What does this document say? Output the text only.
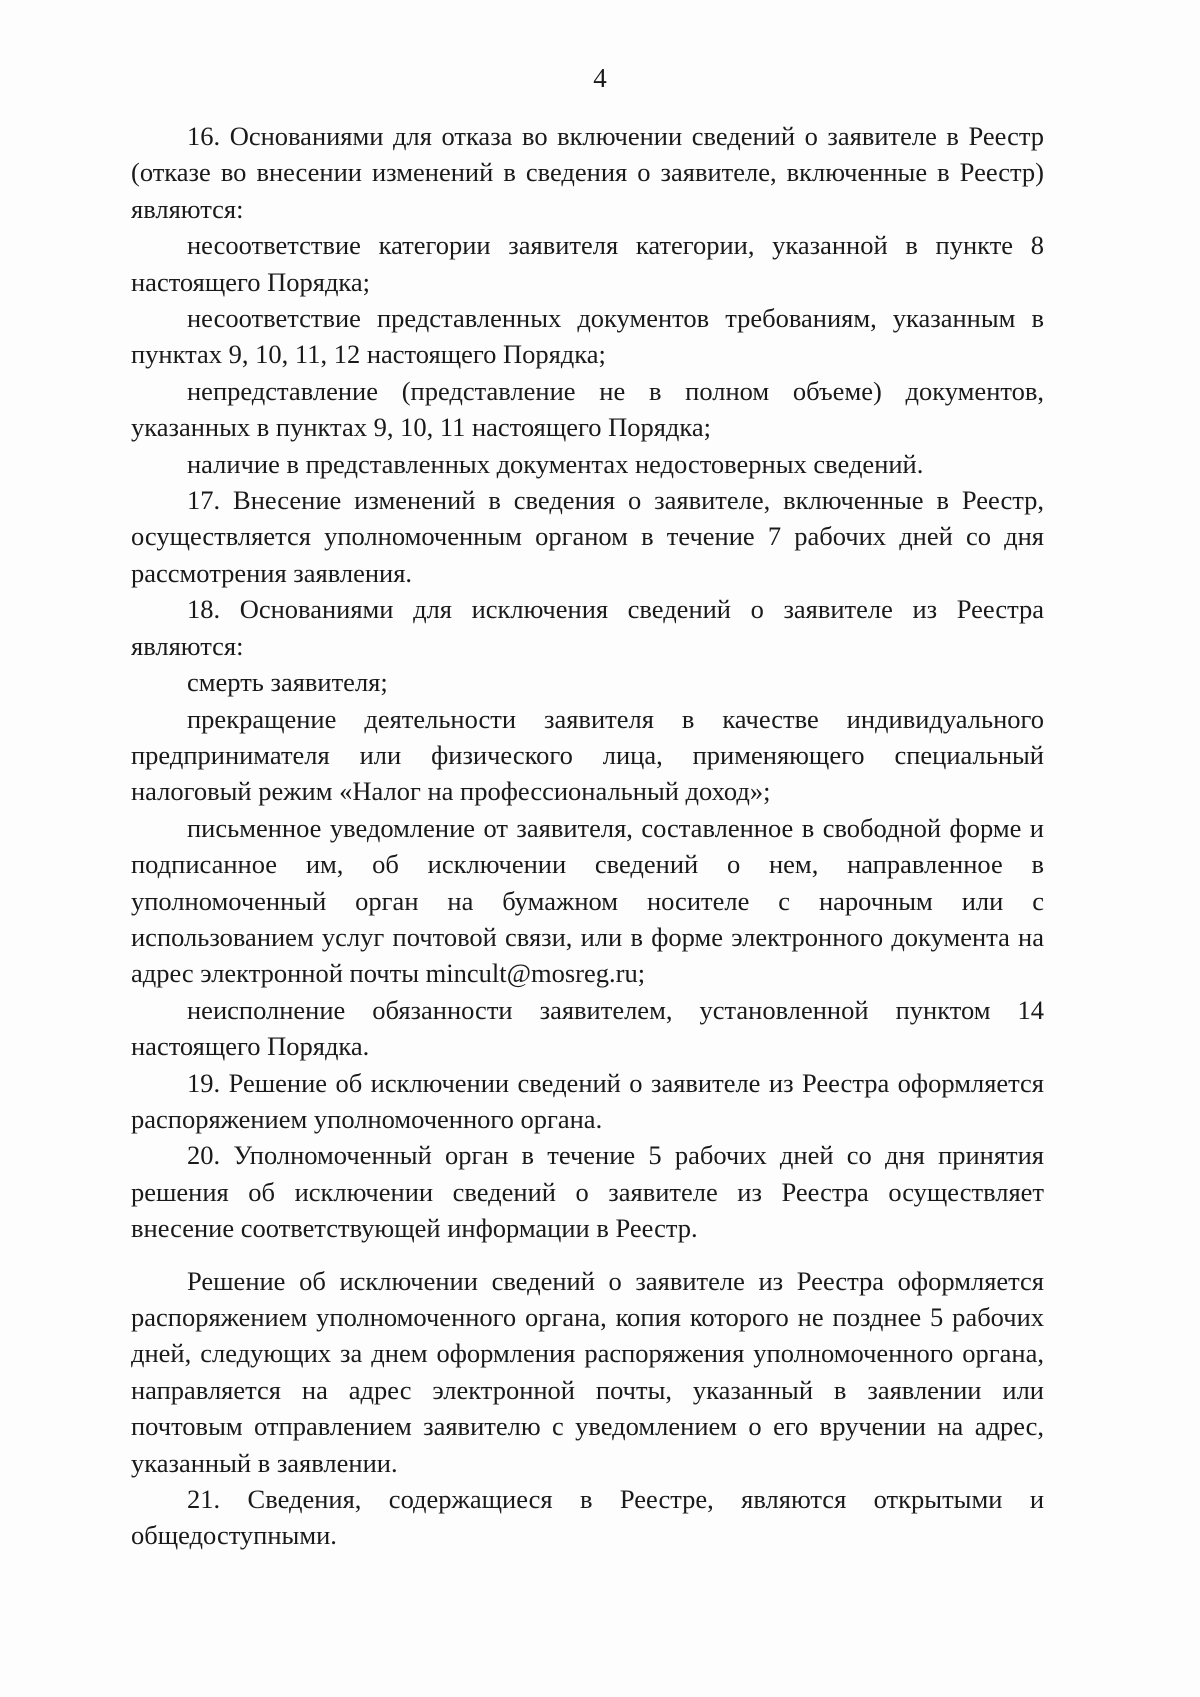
4

16. Основаниями для отказа во включении сведений о заявителе в Реестр (отказе во внесении изменений в сведения о заявителе, включенные в Реестр) являются:

несоответствие категории заявителя категории, указанной в пункте 8 настоящего Порядка;

несоответствие представленных документов требованиям, указанным в пунктах 9, 10, 11, 12 настоящего Порядка;

непредставление (представление не в полном объеме) документов, указанных в пунктах 9, 10, 11 настоящего Порядка;

наличие в представленных документах недостоверных сведений.

17. Внесение изменений в сведения о заявителе, включенные в Реестр, осуществляется уполномоченным органом в течение 7 рабочих дней со дня рассмотрения заявления.

18. Основаниями для исключения сведений о заявителе из Реестра являются:

смерть заявителя;

прекращение деятельности заявителя в качестве индивидуального предпринимателя или физического лица, применяющего специальный налоговый режим «Налог на профессиональный доход»;

письменное уведомление от заявителя, составленное в свободной форме и подписанное им, об исключении сведений о нем, направленное в уполномоченный орган на бумажном носителе с нарочным или с использованием услуг почтовой связи, или в форме электронного документа на адрес электронной почты mincult@mosreg.ru;

неисполнение обязанности заявителем, установленной пунктом 14 настоящего Порядка.

19. Решение об исключении сведений о заявителе из Реестра оформляется распоряжением уполномоченного органа.

20. Уполномоченный орган в течение 5 рабочих дней со дня принятия решения об исключении сведений о заявителе из Реестра осуществляет внесение соответствующей информации в Реестр.

Решение об исключении сведений о заявителе из Реестра оформляется распоряжением уполномоченного органа, копия которого не позднее 5 рабочих дней, следующих за днем оформления распоряжения уполномоченного органа, направляется на адрес электронной почты, указанный в заявлении или почтовым отправлением заявителю с уведомлением о его вручении на адрес, указанный в заявлении.

21. Сведения, содержащиеся в Реестре, являются открытыми и общедоступными.
